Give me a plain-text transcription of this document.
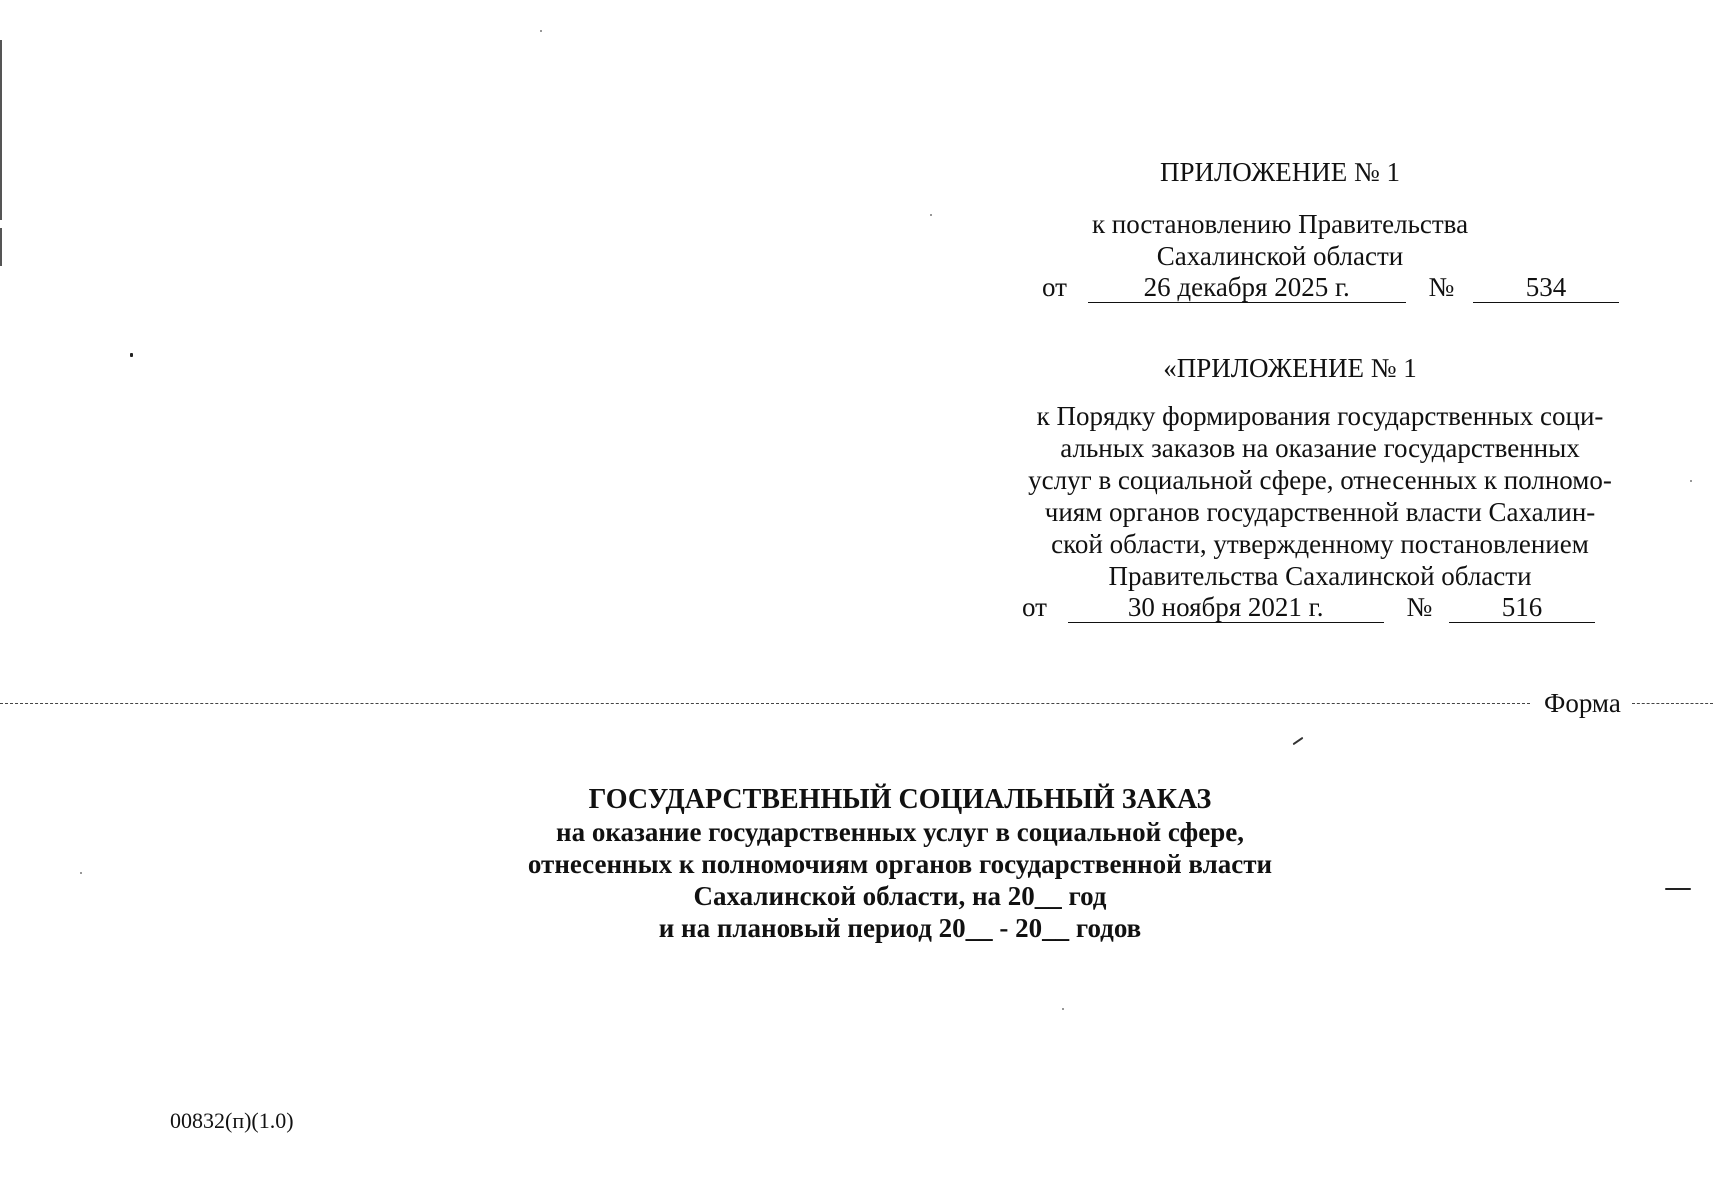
ПРИЛОЖЕНИЕ № 1
к постановлению Правительства
Сахалинской области
от	26 декабря 2025 г.	№	534
«ПРИЛОЖЕНИЕ № 1
к Порядку формирования государственных соци-
альных заказов на оказание государственных
услуг в социальной сфере, отнесенных к полномо-
чиям органов государственной власти Сахалин-
ской области, утвержденному постановлением
Правительства Сахалинской области
от	30 ноября 2021 г.	№	516
Форма
ГОСУДАРСТВЕННЫЙ СОЦИАЛЬНЫЙ ЗАКАЗ
на оказание государственных услуг в социальной сфере,
отнесенных к полномочиям органов государственной власти
Сахалинской области, на 20__ год
и на плановый период 20__ - 20__ годов
00832(п)(1.0)
